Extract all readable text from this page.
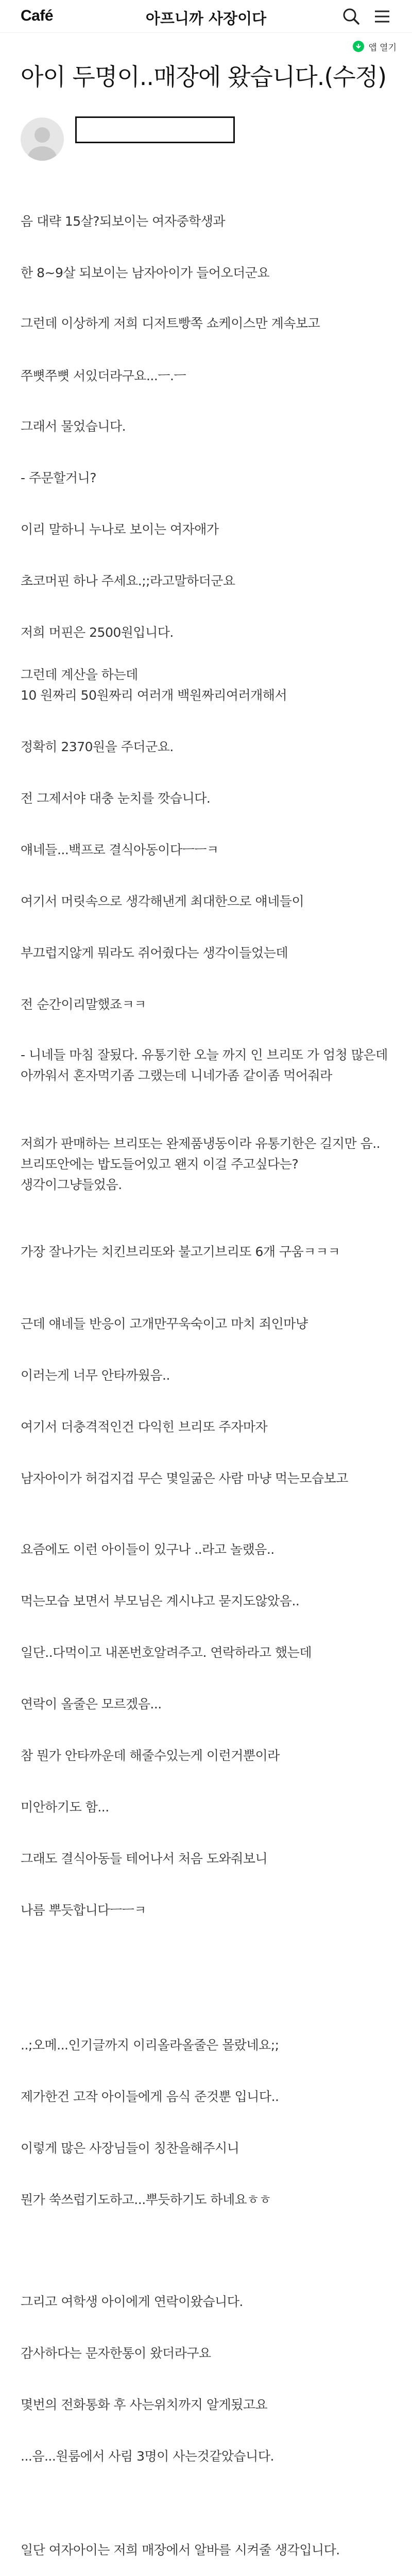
Café	아프니까 사장이다
앱 열기
아이 두명이..매장에 왔습니다.(수정)
음 대략 15살?되보이는 여자중학생과
한 8~9살 되보이는 남자아이가 들어오더군요
그런데 이상하게 저희 디저트빵쪽 쇼케이스만 계속보고
쭈뼛쭈뼛 서있더라구요...ㅡ.ㅡ
그래서 물었습니다.
- 주문할거니?
이리 말하니 누나로 보이는 여자애가
초코머핀 하나 주세요.;;라고말하더군요
저희 머핀은 2500원입니다.
그런데 계산을 하는데
10 원짜리 50원짜리 여러개 백원짜리여러개해서
정확히 2370원을 주더군요.
전 그제서야 대충 눈치를 깟습니다.
얘네들...백프로 결식아동이다ㅡㅡㅋ
여기서 머릿속으로 생각해낸게 최대한으로 얘네들이
부끄럽지않게 뭐라도 쥐어줬다는 생각이들었는데
전 순간이리말했죠ㅋㅋ
- 니네들 마침 잘됬다. 유통기한 오늘 까지 인 브리또 가 엄청 많은데 아까워서 혼자먹기좀 그랬는데 니네가좀 같이좀 먹어줘라
저희가 판매하는 브리또는 완제품냉동이라 유통기한은 길지만 음..브리또안에는 밥도들어있고 왠지 이걸 주고싶다는?
생각이그냥들었음.
가장 잘나가는 치킨브리또와 불고기브리또 6개 구움ㅋㅋㅋ
근데 얘네들 반응이 고개만꾸욱숙이고 마치 죄인마냥
이러는게 너무 안타까웠음..
여기서 더충격적인건 다익힌 브리또 주자마자
남자아이가 허겁지겁 무슨 몇일굶은 사람 마냥 먹는모습보고
요즘에도 이런 아이들이 있구나 ..라고 놀랬음..
먹는모습 보면서 부모님은 계시냐고 묻지도않았음..
일단..다먹이고 내폰번호알려주고. 연락하라고 했는데
연락이 올줄은 모르겠음...
참 뭔가 안타까운데 해줄수있는게 이런거뿐이라
미안하기도 함...
그래도 결식아동들 테어나서 처음 도와줘보니
나름 뿌듯합니다ㅡㅡㅋ
..;오메...인기글까지 이리올라올줄은 몰랐네요;;
제가한건 고작 아이들에게 음식 준것뿐 입니다..
이렇게 많은 사장님들이 칭찬을해주시니
뭔가 쑥쓰럽기도하고...뿌듯하기도 하네요ㅎㅎ
그리고 여학생 아이에게 연락이왔습니다.
감사하다는 문자한통이 왔더라구요
몇번의 전화통화 후 사는위치까지 알게됬고요
...음...원룸에서 사림 3명이 사는것같았습니다.
일단 여자아이는 저희 매장에서 알바를 시켜줄 생각입니다.
